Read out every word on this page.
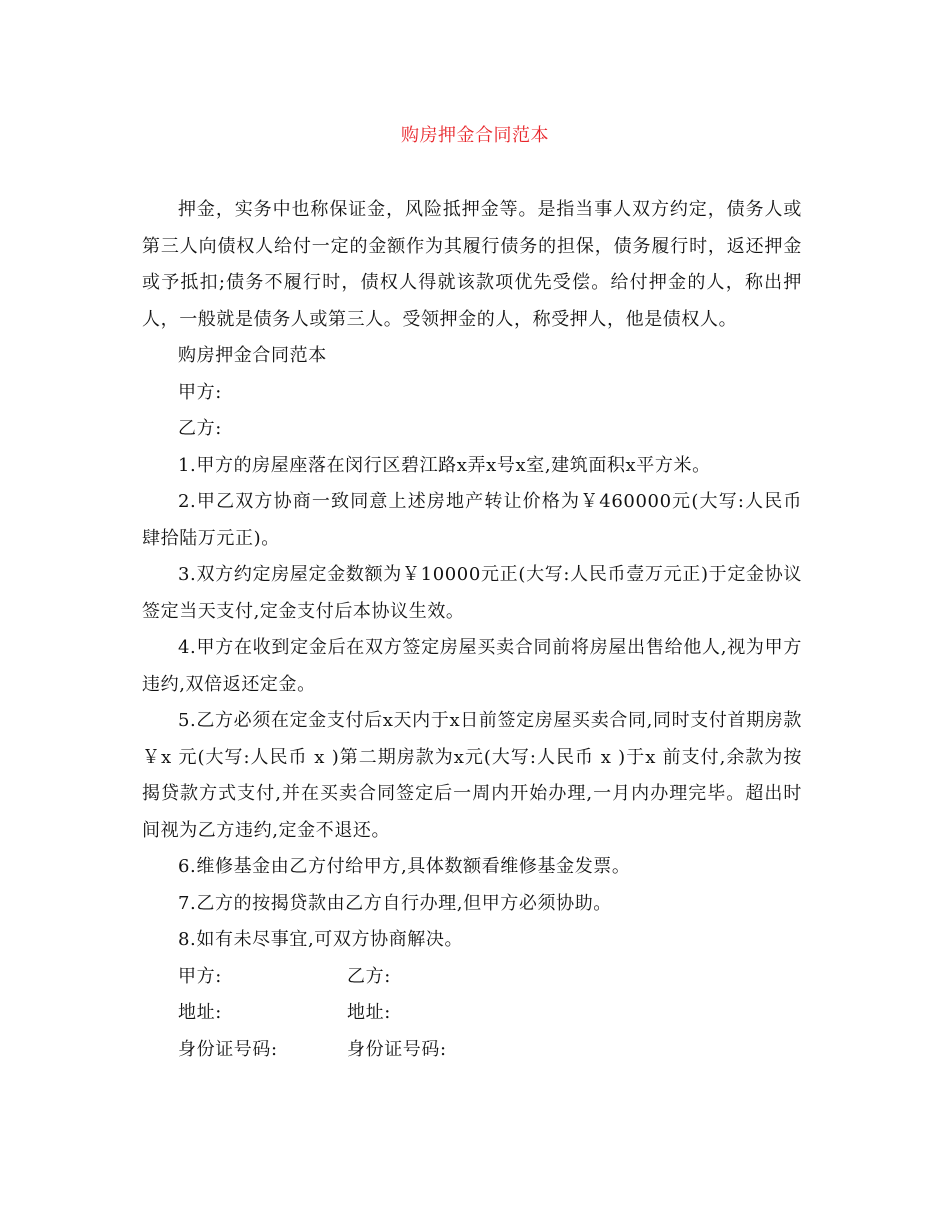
购房押金合同范本

押金，实务中也称保证金，风险抵押金等。是指当事人双方约定，债务人或第三人向债权人给付一定的金额作为其履行债务的担保，债务履行时，返还押金或予抵扣;债务不履行时，债权人得就该款项优先受偿。给付押金的人，称出押人，一般就是债务人或第三人。受领押金的人，称受押人，他是债权人。

购房押金合同范本

甲方:

乙方:

1.甲方的房屋座落在闵行区碧江路x弄x号x室,建筑面积x平方米。

2.甲乙双方协商一致同意上述房地产转让价格为￥460000元(大写:人民币肆拾陆万元正)。

3.双方约定房屋定金数额为￥10000元正(大写:人民币壹万元正)于定金协议签定当天支付,定金支付后本协议生效。

4.甲方在收到定金后在双方签定房屋买卖合同前将房屋出售给他人,视为甲方违约,双倍返还定金。

5.乙方必须在定金支付后x天内于x日前签定房屋买卖合同,同时支付首期房款￥x 元(大写:人民币 x )第二期房款为x元(大写:人民币 x )于x 前支付,余款为按揭贷款方式支付,并在买卖合同签定后一周内开始办理,一月内办理完毕。超出时间视为乙方违约,定金不退还。

6.维修基金由乙方付给甲方,具体数额看维修基金发票。

7.乙方的按揭贷款由乙方自行办理,但甲方必须协助。

8.如有未尽事宜,可双方协商解决。

甲方:	乙方:
地址:	地址:
身份证号码:	身份证号码:
